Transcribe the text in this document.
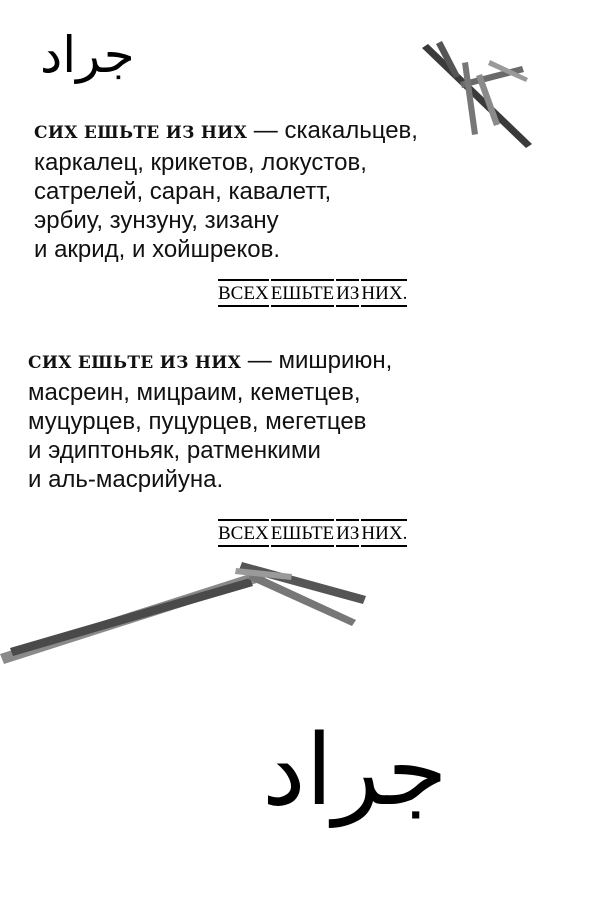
جراد

СИХ ЕШЬТЕ ИЗ НИХ — скакальцев,
каркалец, крикетов, локустов,
сатрелей, саран, кавалетт,
эрбиу, зунзуну, зизану
и акрид, и хойшреков.

ВСЕХ ЕШЬТЕ ИЗ НИХ.

СИХ ЕШЬТЕ ИЗ НИХ — мишриюн,
масреин, мицраим, кеметцев,
муцурцев, пуцурцев, мегетцев
и эдиптоньяк, ратменкими
и аль-масрийуна.

ВСЕХ ЕШЬТЕ ИЗ НИХ.

جراد
